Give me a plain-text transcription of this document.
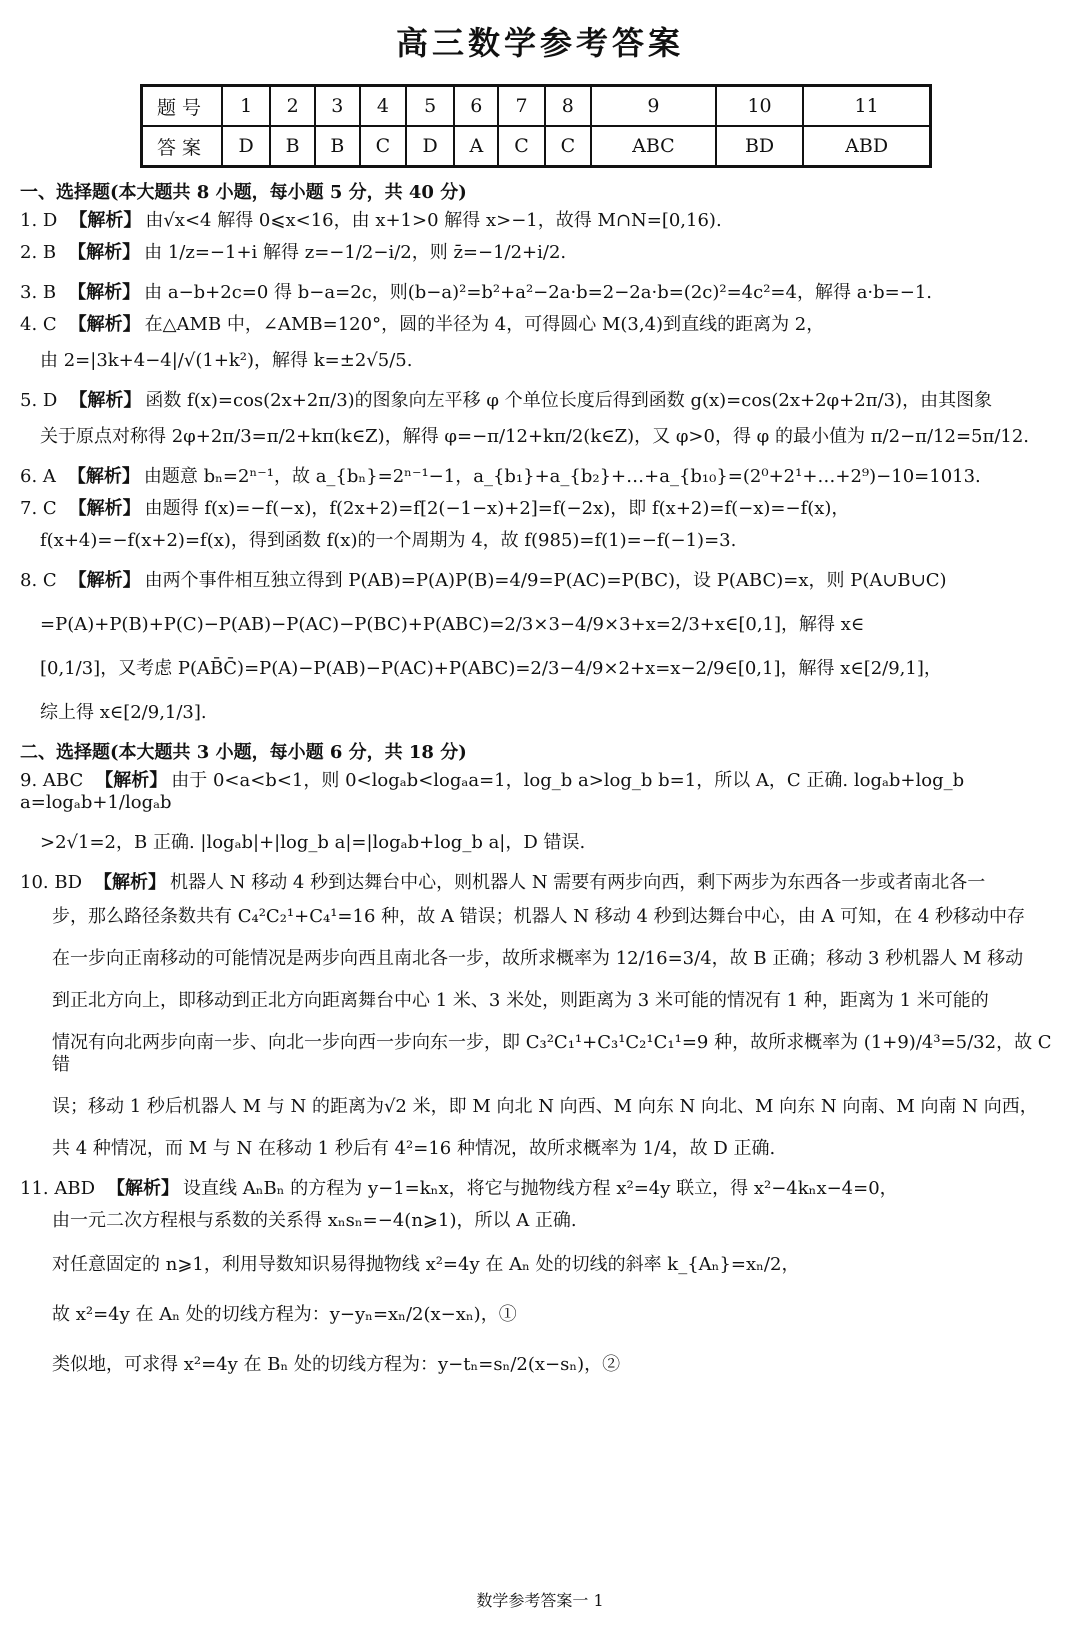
高三数学参考答案
题号	1	2	3	4	5	6	7	8	9	10	11
答案	D	B	B	C	D	A	C	C	ABC	BD	ABD
一、选择题(本大题共 8 小题，每小题 5 分，共 40 分)
1. D 【解析】 由√x<4 解得 0⩽x<16，由 x+1>0 解得 x>−1，故得 M∩N=[0,16).
2. B 【解析】 由 1/z=−1+i 解得 z=−1/2−i/2，则 z̄=−1/2+i/2.
3. B 【解析】 由 a−b+2c=0 得 b−a=2c，则(b−a)²=b²+a²−2a·b=2−2a·b=(2c)²=4c²=4，解得 a·b=−1.
4. C 【解析】 在△AMB 中，∠AMB=120°，圆的半径为 4，可得圆心 M(3,4)到直线的距离为 2，
由 2=|3k+4−4|/√(1+k²)，解得 k=±2√5/5.
5. D 【解析】 函数 f(x)=cos(2x+2π/3)的图象向左平移 φ 个单位长度后得到函数 g(x)=cos(2x+2φ+2π/3)，由其图象
关于原点对称得 2φ+2π/3=π/2+kπ(k∈Z)，解得 φ=−π/12+kπ/2(k∈Z)，又 φ>0，得 φ 的最小值为 π/2−π/12=5π/12.
6. A 【解析】 由题意 bₙ=2ⁿ⁻¹，故 a_{bₙ}=2ⁿ⁻¹−1，a_{b₁}+a_{b₂}+…+a_{b₁₀}=(2⁰+2¹+…+2⁹)−10=1013.
7. C 【解析】 由题得 f(x)=−f(−x)，f(2x+2)=f[2(−1−x)+2]=f(−2x)，即 f(x+2)=f(−x)=−f(x)，
f(x+4)=−f(x+2)=f(x)，得到函数 f(x)的一个周期为 4，故 f(985)=f(1)=−f(−1)=3.
8. C 【解析】 由两个事件相互独立得到 P(AB)=P(A)P(B)=4/9=P(AC)=P(BC)，设 P(ABC)=x，则 P(A∪B∪C)
=P(A)+P(B)+P(C)−P(AB)−P(AC)−P(BC)+P(ABC)=2/3×3−4/9×3+x=2/3+x∈[0,1]，解得 x∈
[0,1/3]，又考虑 P(AB̄C̄)=P(A)−P(AB)−P(AC)+P(ABC)=2/3−4/9×2+x=x−2/9∈[0,1]，解得 x∈[2/9,1]，
综上得 x∈[2/9,1/3].
二、选择题(本大题共 3 小题，每小题 6 分，共 18 分)
9. ABC 【解析】 由于 0<a<b<1，则 0<logₐb<logₐa=1，log_b a>log_b b=1，所以 A，C 正确. logₐb+log_b a=logₐb+1/logₐb
>2√1=2，B 正确. |logₐb|+|log_b a|=|logₐb+log_b a|，D 错误.
10. BD 【解析】 机器人 N 移动 4 秒到达舞台中心，则机器人 N 需要有两步向西，剩下两步为东西各一步或者南北各一
步，那么路径条数共有 C₄²C₂¹+C₄¹=16 种，故 A 错误；机器人 N 移动 4 秒到达舞台中心，由 A 可知，在 4 秒移动中存
在一步向正南移动的可能情况是两步向西且南北各一步，故所求概率为 12/16=3/4，故 B 正确；移动 3 秒机器人 M 移动
到正北方向上，即移动到正北方向距离舞台中心 1 米、3 米处，则距离为 3 米可能的情况有 1 种，距离为 1 米可能的
情况有向北两步向南一步、向北一步向西一步向东一步，即 C₃²C₁¹+C₃¹C₂¹C₁¹=9 种，故所求概率为 (1+9)/4³=5/32，故 C 错
误；移动 1 秒后机器人 M 与 N 的距离为√2 米，即 M 向北 N 向西、M 向东 N 向北、M 向东 N 向南、M 向南 N 向西，
共 4 种情况，而 M 与 N 在移动 1 秒后有 4²=16 种情况，故所求概率为 1/4，故 D 正确.
11. ABD 【解析】 设直线 AₙBₙ 的方程为 y−1=kₙx，将它与抛物线方程 x²=4y 联立，得 x²−4kₙx−4=0，
由一元二次方程根与系数的关系得 xₙsₙ=−4(n⩾1)，所以 A 正确.
对任意固定的 n⩾1，利用导数知识易得抛物线 x²=4y 在 Aₙ 处的切线的斜率 k_{Aₙ}=xₙ/2，
故 x²=4y 在 Aₙ 处的切线方程为：y−yₙ=xₙ/2(x−xₙ)，①
类似地，可求得 x²=4y 在 Bₙ 处的切线方程为：y−tₙ=sₙ/2(x−sₙ)，②
数学参考答案一 1
